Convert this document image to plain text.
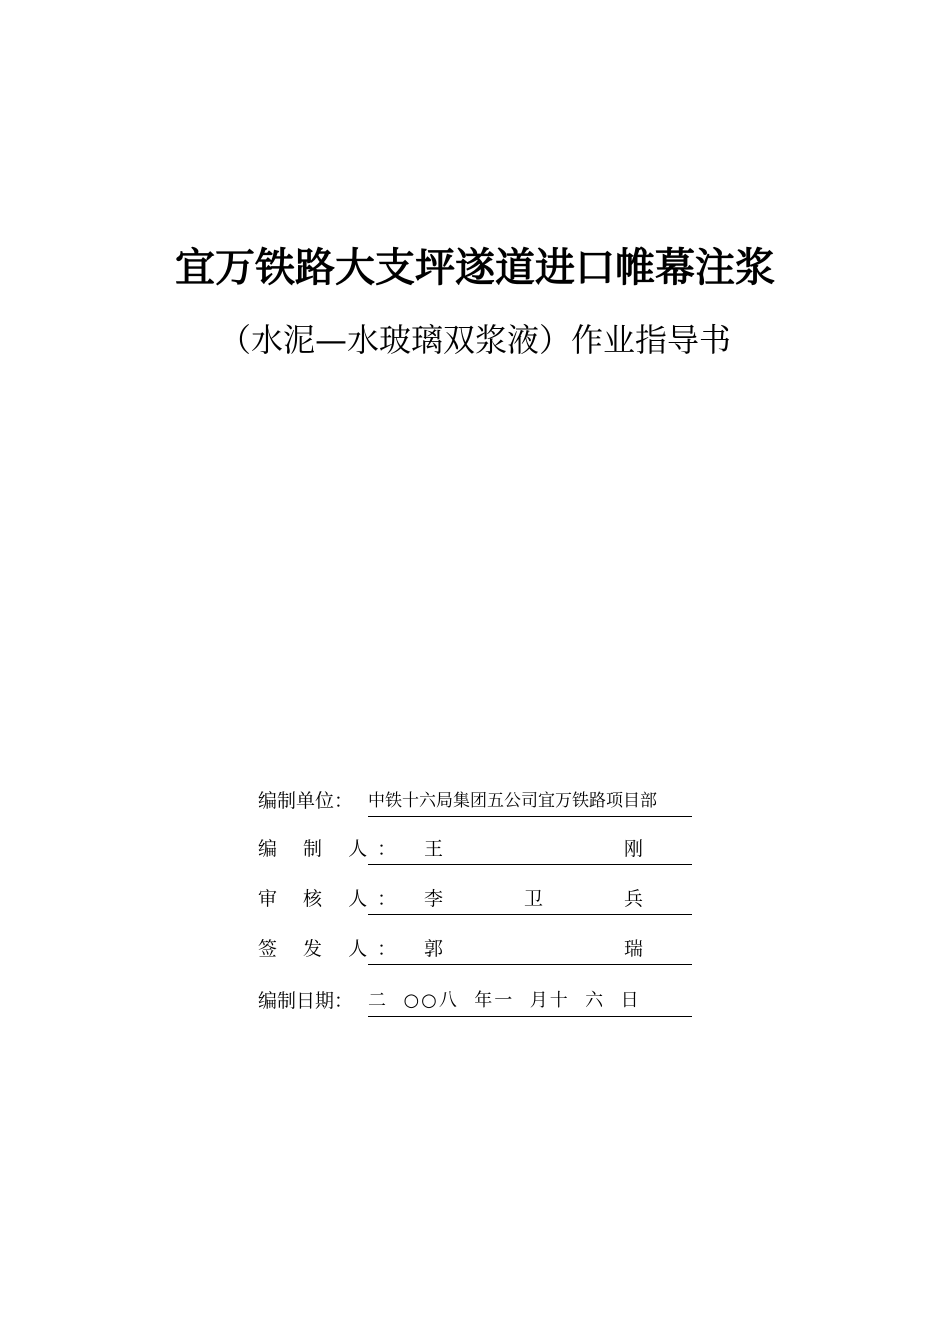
宜万铁路大支坪遂道进口帷幕注浆
（水泥—水玻璃双浆液）作业指导书
编制单位： 中铁十六局集团五公司宜万铁路项目部
编 制 人： 王	刚
审 核 人： 李	卫	兵
签 发 人： 郭	瑞
编制日期： 二  ○○八  年一  月十  六  日
